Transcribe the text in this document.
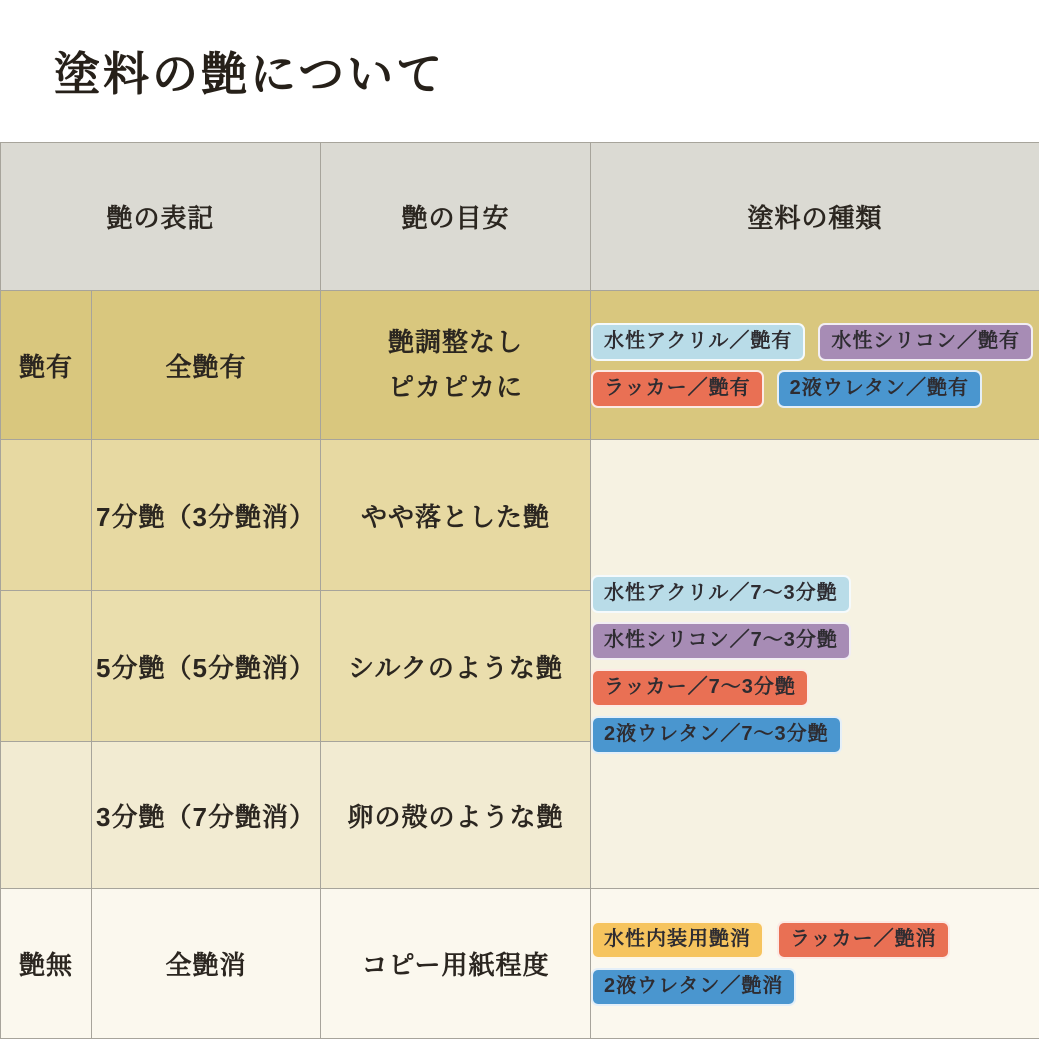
塗料の艶について
艶の表記		艶の目安	塗料の種類
艶有	全艶有	艶調整なし
ピカピカに	水性アクリル／艶有 水性シリコン／艶有
ラッカー／艶有 2液ウレタン／艶有

	7分艶（3分艶消）	やや落とした艶	水性アクリル／7～3分艶
水性シリコン／7～3分艶
ラッカー／7～3分艶
2液ウレタン／7～3分艶

	5分艶（5分艶消）	シルクのような艶	
	3分艶（7分艶消）	卵の殻のような艶	
艶無	全艶消	コピー用紙程度	水性内装用艶消 ラッカー／艶消
2液ウレタン／艶消
